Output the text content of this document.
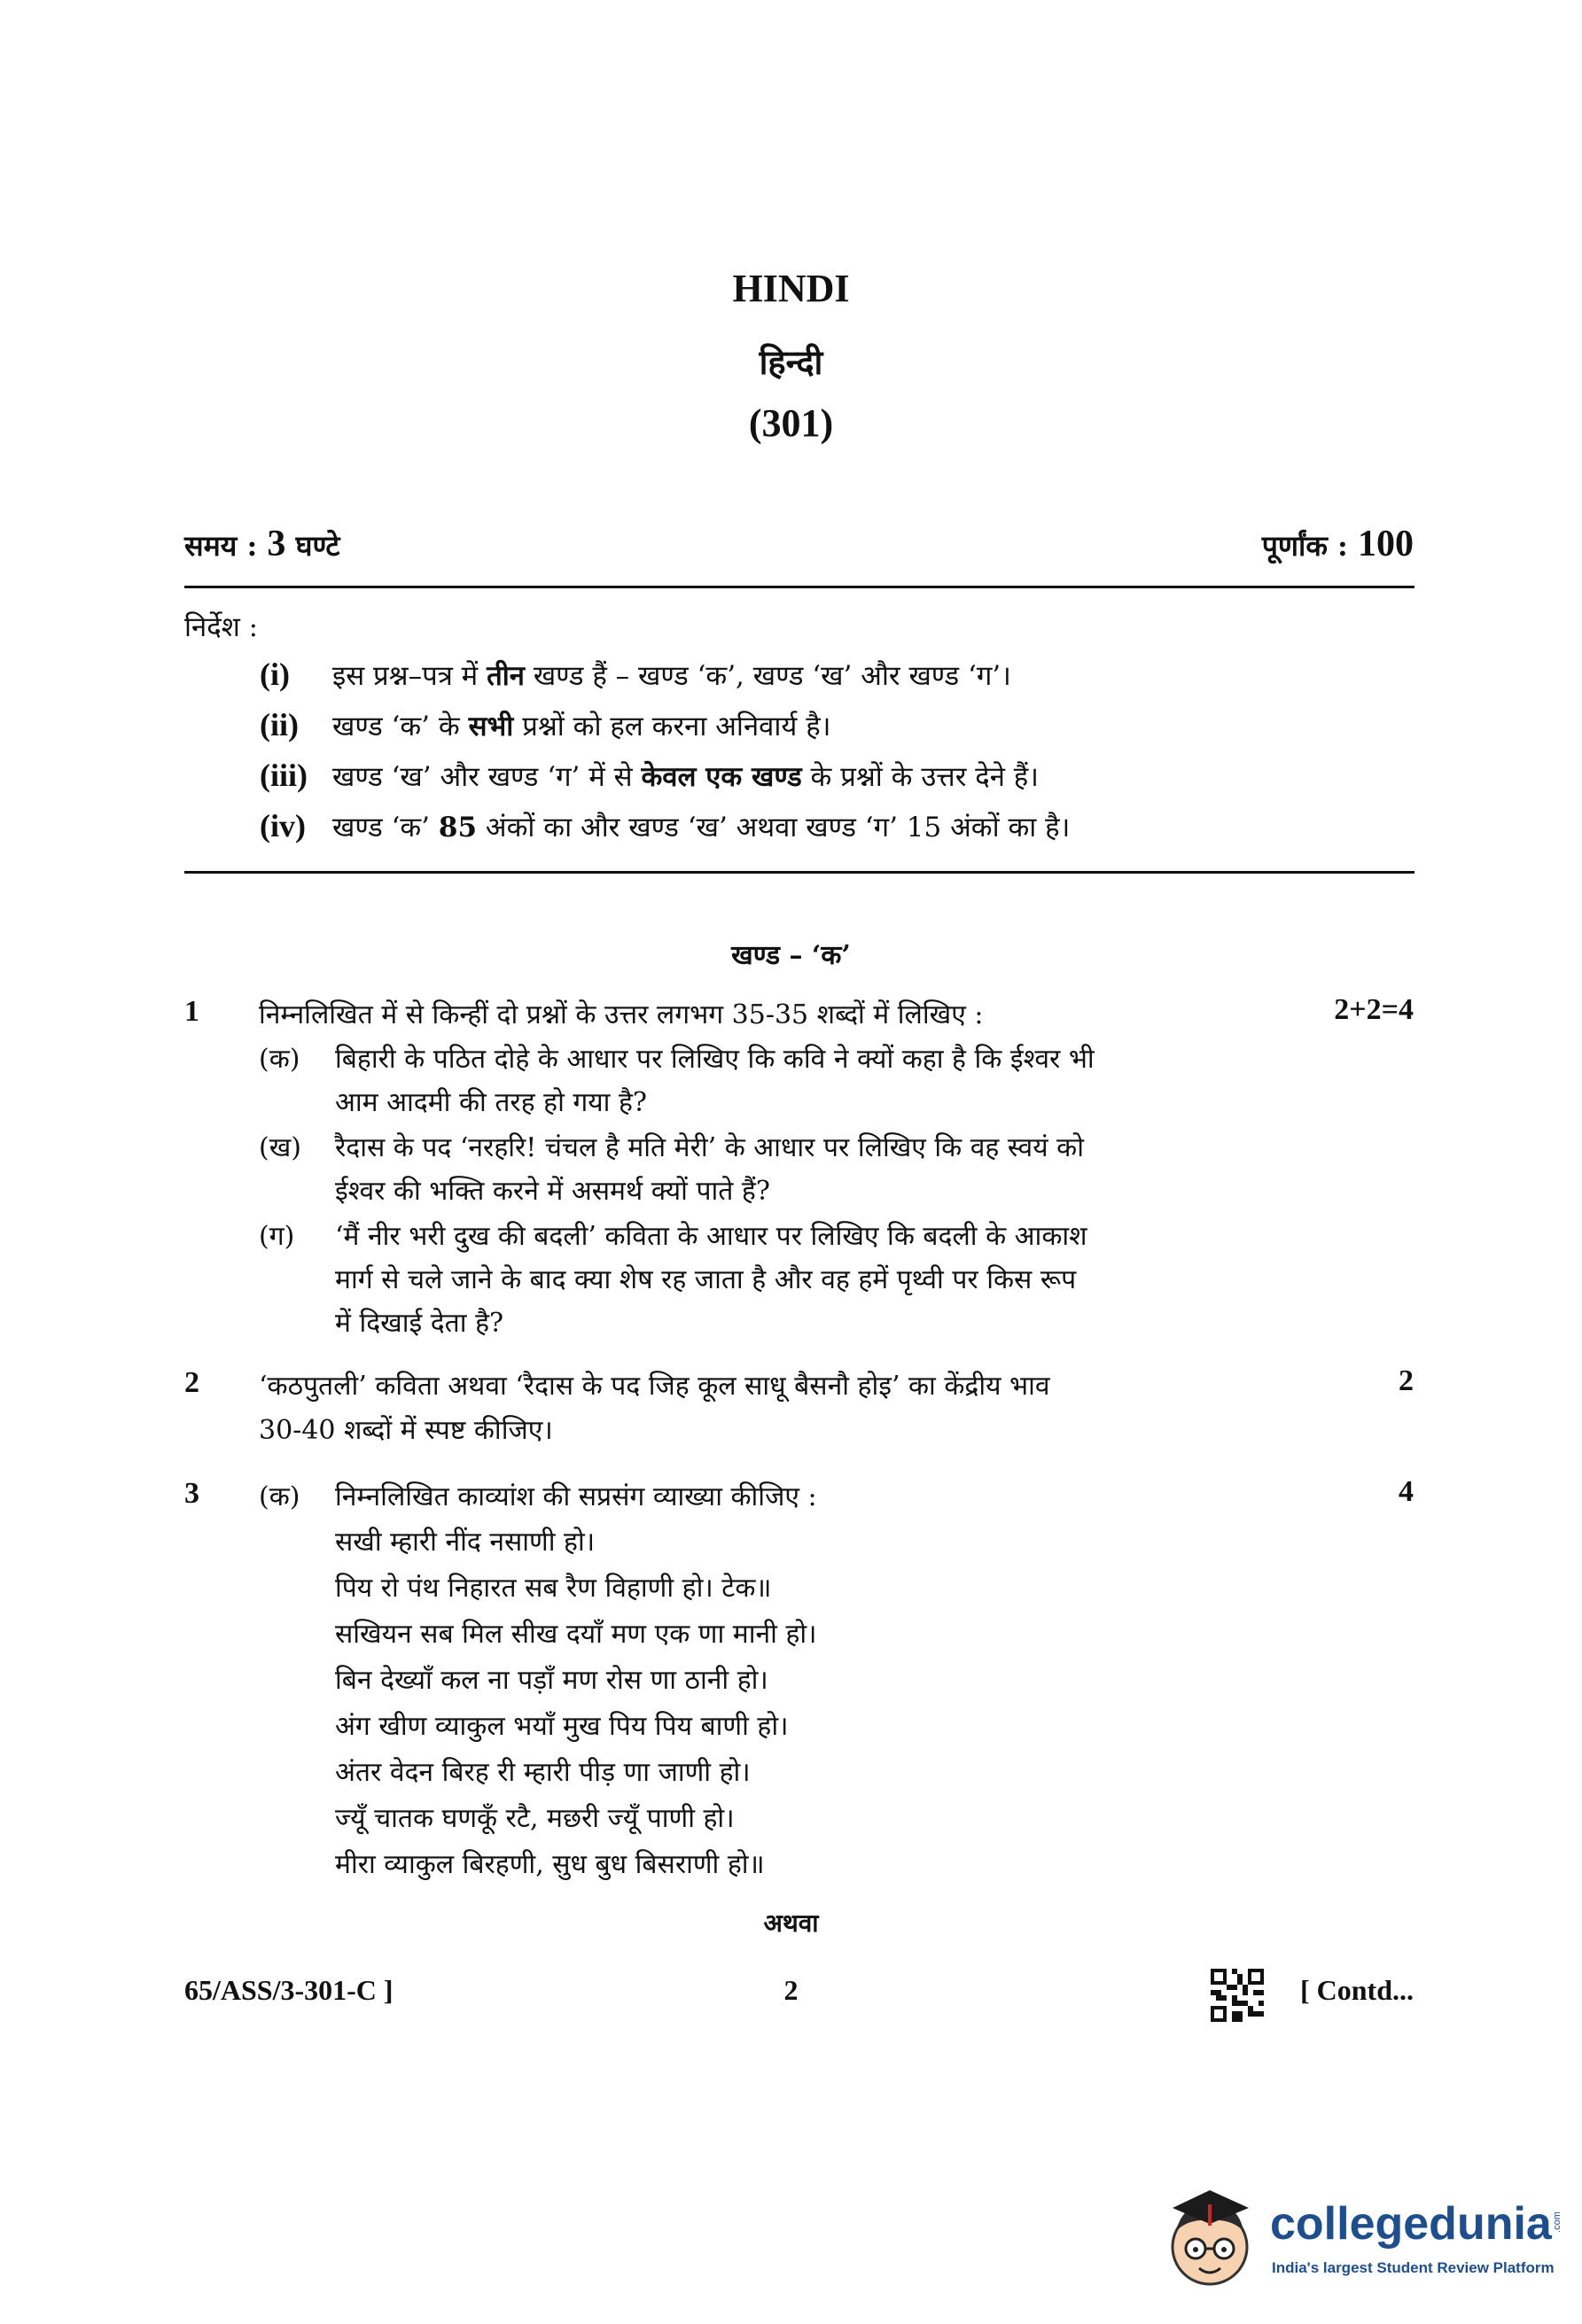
HINDI
हिन्दी
(301)
समय : 3 घण्टे	पूर्णांक : 100
निर्देश :
(i) इस प्रश्न–पत्र में तीन खण्ड हैं – खण्ड ‘क’, खण्ड ‘ख’ और खण्ड ‘ग’।
(ii) खण्ड ‘क’ के सभी प्रश्नों को हल करना अनिवार्य है।
(iii) खण्ड ‘ख’ और खण्ड ‘ग’ में से केवल एक खण्ड के प्रश्नों के उत्तर देने हैं।
(iv) खण्ड ‘क’ 85 अंकों का और खण्ड ‘ख’ अथवा खण्ड ‘ग’ 15 अंकों का है।
खण्ड – ‘क’
1 निम्नलिखित में से किन्हीं दो प्रश्नों के उत्तर लगभग 35-35 शब्दों में लिखिए :	2+2=4
(क) बिहारी के पठित दोहे के आधार पर लिखिए कि कवि ने क्यों कहा है कि ईश्वर भी
आम आदमी की तरह हो गया है?
(ख) रैदास के पद ‘नरहरि! चंचल है मति मेरी’ के आधार पर लिखिए कि वह स्वयं को
ईश्वर की भक्ति करने में असमर्थ क्यों पाते हैं?
(ग) ‘मैं नीर भरी दुख की बदली’ कविता के आधार पर लिखिए कि बदली के आकाश
मार्ग से चले जाने के बाद क्या शेष रह जाता है और वह हमें पृथ्वी पर किस रूप
में दिखाई देता है?
2 ‘कठपुतली’ कविता अथवा ‘रैदास के पद जिह कूल साधू बैसनौ होइ’ का केंद्रीय भाव
30-40 शब्दों में स्पष्ट कीजिए।
2
3 (क) निम्नलिखित काव्यांश की सप्रसंग व्याख्या कीजिए :	4
सखी म्हारी नींद नसाणी हो।
पिय रो पंथ निहारत सब रैण विहाणी हो। टेक॥
सखियन सब मिल सीख दयाँ मण एक णा मानी हो।
बिन देख्याँ कल ना पड़ाँ मण रोस णा ठानी हो।
अंग खीण व्याकुल भयाँ मुख पिय पिय बाणी हो।
अंतर वेदन बिरह री म्हारी पीड़ णा जाणी हो।
ज्यूँ चातक घणकूँ रटै, मछरी ज्यूँ पाणी हो।
मीरा व्याकुल बिरहणी, सुध बुध बिसराणी हो॥
अथवा
65/ASS/3-301-C ]	2	[ Contd...
collegedunia .com
India's largest Student Review Platform
